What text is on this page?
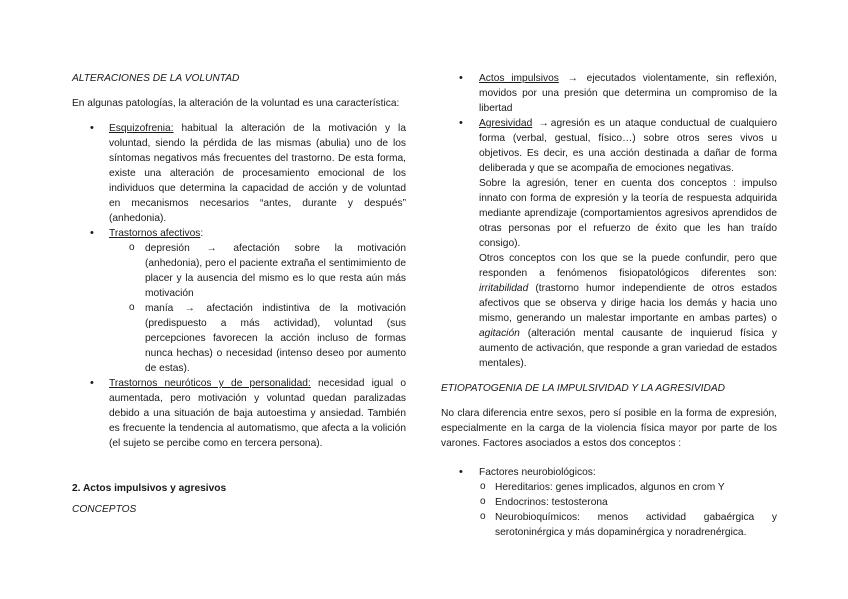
ALTERACIONES DE LA VOLUNTAD

En algunas patologías, la alteración de la voluntad es una característica:

• Esquizofrenia: habitual la alteración de la motivación y la voluntad, siendo la pérdida de las mismas (abulia) uno de los síntomas negativos más frecuentes del trastorno. De esta forma, existe una alteración de procesamiento emocional de los individuos que determina la capacidad de acción y de voluntad en mecanismos necesarios “antes, durante y después” (anhedonia).
• Trastornos afectivos:
o depresión → afectación sobre la motivación (anhedonia), pero el paciente extraña el sentimimiento de placer y la ausencia del mismo es lo que resta aún más motivación
o manía → afectación indistintiva de la motivación (predispuesto a más actividad), voluntad (sus percepciones favorecen la acción incluso de formas nunca hechas) o necesidad (intenso deseo por aumento de estas).
• Trastornos neuróticos y de personalidad: necesidad igual o aumentada, pero motivación y voluntad quedan paralizadas debido a una situación de baja autoestima y ansiedad. También es frecuente la tendencia al automatismo, que afecta a la volición (el sujeto se percibe como en tercera persona).

2. Actos impulsivos y agresivos

CONCEPTOS

• Actos impulsivos → ejecutados violentamente, sin reflexión, movidos por una presión que determina un compromiso de la libertad

• Agresividad → agresión es un ataque conductual de cualquiero forma (verbal, gestual, físico…) sobre otros seres vivos u objetivos. Es decir, es una acción destinada a dañar de forma deliberada y que se acompaña de emociones negativas.

Sobre la agresión, tener en cuenta dos conceptos : impulso innato con forma de expresión y la teoría de respuesta adquirida mediante aprendizaje (comportamientos agresivos aprendidos de otras personas por el refuerzo de éxito que les han traído consigo).

Otros conceptos con los que se la puede confundir, pero que responden a fenómenos fisiopatológicos diferentes son: irritabilidad (trastorno humor independiente de otros estados afectivos que se observa y dirige hacia los demás y hacia uno mismo, generando un malestar importante en ambas partes) o agitación (alteración mental causante de inquierud física y aumento de activación, que responde a gran variedad de estados mentales).

ETIOPATOGENIA DE LA IMPULSIVIDAD Y LA AGRESIVIDAD

No clara diferencia entre sexos, pero sí posible en la forma de expresión, especialmente en la carga de la violencia física mayor por parte de los varones. Factores asociados a estos dos conceptos :

• Factores neurobiológicos:
o Hereditarios: genes implicados, algunos en crom Y
o Endocrinos: testosterona
o Neurobioquímicos: menos actividad gabaérgica y serotoninérgica y más dopaminérgica y noradrenérgica.
